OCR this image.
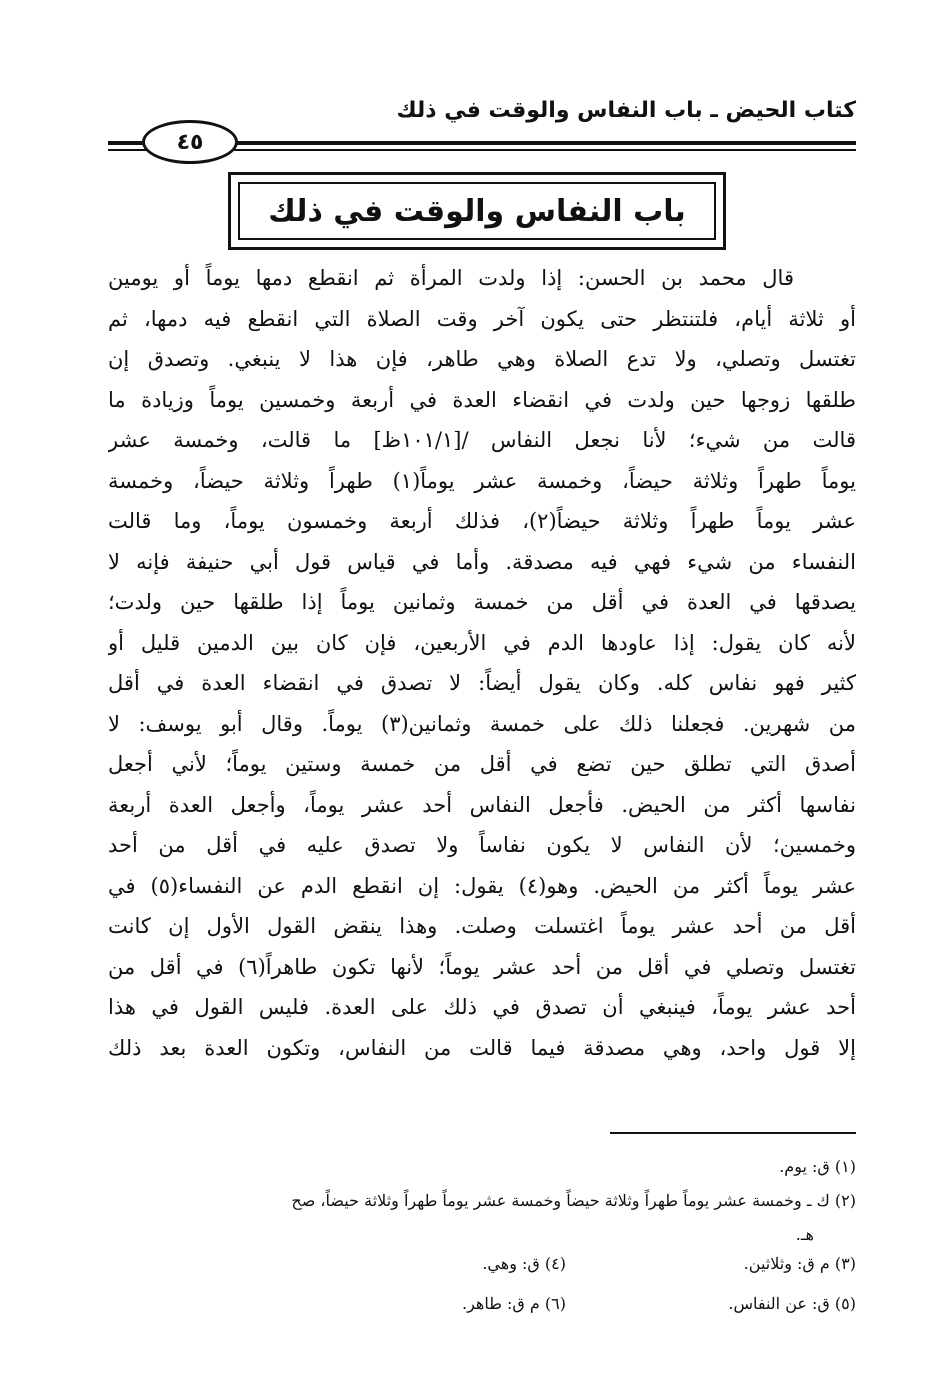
كتاب الحيض ـ باب النفاس والوقت في ذلك
٤٥
باب النفاس والوقت في ذلك
قال محمد بن الحسن: إذا ولدت المرأة ثم انقطع دمها يوماً أو يومين
أو ثلاثة أيام، فلتنتظر حتى يكون آخر وقت الصلاة التي انقطع فيه دمها، ثم
تغتسل وتصلي، ولا تدع الصلاة وهي طاهر، فإن هذا لا ينبغي. وتصدق إن
طلقها زوجها حين ولدت في انقضاء العدة في أربعة وخمسين يوماً وزيادة ما
قالت من شيء؛ لأنا نجعل النفاس /[١٠١/١ظ] ما قالت، وخمسة عشر
يوماً طهراً وثلاثة حيضاً، وخمسة عشر يوماً(١) طهراً وثلاثة حيضاً، وخمسة
عشر يوماً طهراً وثلاثة حيضاً(٢)، فذلك أربعة وخمسون يوماً، وما قالت
النفساء من شيء فهي فيه مصدقة. وأما في قياس قول أبي حنيفة فإنه لا
يصدقها في العدة في أقل من خمسة وثمانين يوماً إذا طلقها حين ولدت؛
لأنه كان يقول: إذا عاودها الدم في الأربعين، فإن كان بين الدمين قليل أو
كثير فهو نفاس كله. وكان يقول أيضاً: لا تصدق في انقضاء العدة في أقل
من شهرين. فجعلنا ذلك على خمسة وثمانين(٣) يوماً. وقال أبو يوسف: لا
أصدق التي تطلق حين تضع في أقل من خمسة وستين يوماً؛ لأني أجعل
نفاسها أكثر من الحيض. فأجعل النفاس أحد عشر يوماً، وأجعل العدة أربعة
وخمسين؛ لأن النفاس لا يكون نفاساً ولا تصدق عليه في أقل من أحد
عشر يوماً أكثر من الحيض. وهو(٤) يقول: إن انقطع الدم عن النفساء(٥) في
أقل من أحد عشر يوماً اغتسلت وصلت. وهذا ينقض القول الأول إن كانت
تغتسل وتصلي في أقل من أحد عشر يوماً؛ لأنها تكون طاهراً(٦) في أقل من
أحد عشر يوماً، فينبغي أن تصدق في ذلك على العدة. فليس القول في هذا
إلا قول واحد، وهي مصدقة فيما قالت من النفاس، وتكون العدة بعد ذلك
(١) ق: يوم.
(٢) ك ـ وخمسة عشر يوماً طهراً وثلاثة حيضاً وخمسة عشر يوماً طهراً وثلاثة حيضاً، صح
هـ.
(٣) م ق: وثلاثين.
(٤) ق: وهي.
(٥) ق: عن النفاس.
(٦) م ق: طاهر.
